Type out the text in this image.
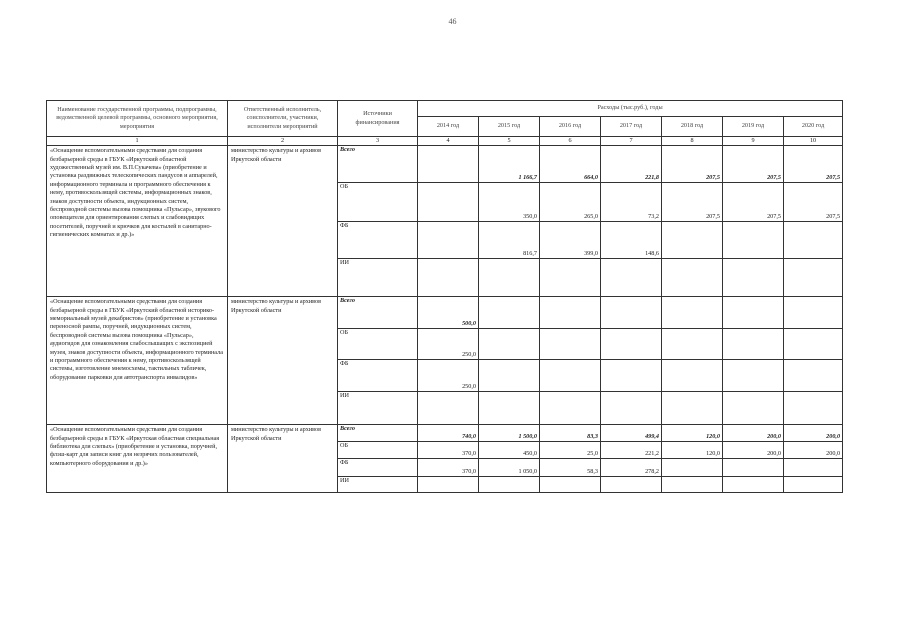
46
Наименование государственной программы, подпрограммы, ведомственной целевой программы, основного мероприятия, мероприятия	Ответственный исполнитель, соисполнители, участники, исполнители мероприятий	Источники финансирования	Расходы (тыс.руб.), годы						
			2014 год	2015 год	2016 год	2017 год	2018 год	2019 год	2020 год
1	2	3	4	5	6	7	8	9	10
«Оснащение вспомогательными средствами для создания безбарьерной среды в ГБУК «Иркутский областной художественный музей им. В.П.Сукачева» (приобретение и установка раздвижных телескопических пандусов и аппарелей, информационного терминала и программного обеспечения к нему, противоскользящей системы, информационных знаков, знаков доступности объекта, индукционных систем, беспроводной системы вызова помощника «Пульсар», звукового оповещателя для ориентирования слепых и слабовидящих посетителей, поручней и крючков для костылей в санитарно-гигиенических комнатах и др.)»	министерство культуры и архивов Иркутской области	Всего		1 166,7	664,0	221,8	207,5	207,5	207,5
		ОБ		350,0	265,0	73,2	207,5	207,5	207,5
		ФБ		816,7	399,0	148,6			
		ИИ							
«Оснащение вспомогательными средствами для создания безбарьерной среды в ГБУК «Иркутский областной историко-мемориальный музей декабристов» (приобретение и установка переносной рампы, поручней, индукционных систем, беспроводной системы вызова помощника «Пульсар», аудиогидов для ознакомления слабослышащих с экспозицией музея, знаков доступности объекта, информационного терминала и программного обеспечения к нему, противоскользящей системы, изготовление мнемосхемы, тактильных табличек, оборудование парковки для автотранспорта инвалидов»	министерство культуры и архивов Иркутской области	Всего	500,0						
		ОБ	250,0						
		ФБ	250,0						
		ИИ							
«Оснащение вспомогательными средствами для создания безбарьерной среды в ГБУК «Иркутская областная специальная библиотека для слепых» (приобретение и установка, поручней, флэш-карт для записи книг для незрячих пользователей, компьютерного оборудования и др.)»	министерство культуры и архивов Иркутской области	Всего	740,0	1 500,0	83,3	499,4	120,0	200,0	200,0
		ОБ	370,0	450,0	25,0	221,2	120,0	200,0	200,0
		ФБ	370,0	1 050,0	58,3	278,2			
		ИИ							
